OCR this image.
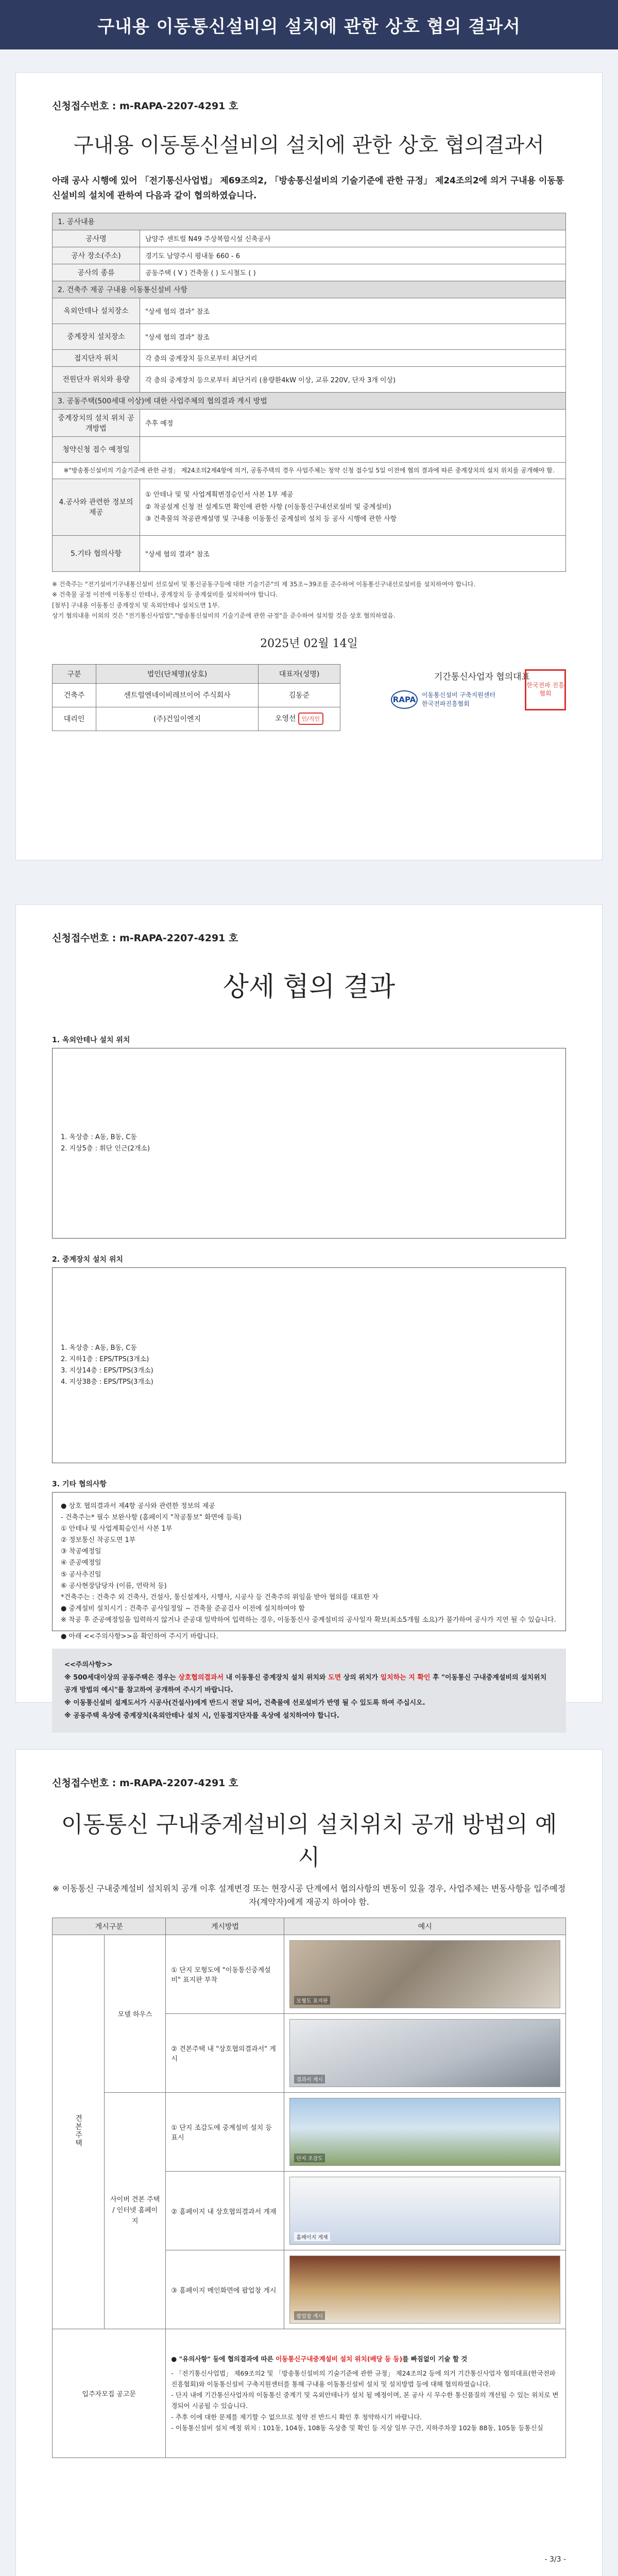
구내용 이동통신설비의 설치에 관한 상호 협의 결과서
신청접수번호 : m-RAPA-2207-4291 호
구내용 이동통신설비의 설치에 관한 상호 협의결과서
아래 공사 시행에 있어 「전기통신사업법」 제69조의2, 「방송통신설비의 기술기준에 관한 규정」 제24조의2에 의거 구내용 이동통신설비의 설치에 관하여 다음과 같이 협의하였습니다.
1. 공사내용	
공사명	남양주 센트럴 N49 주상복합시설 신축공사
공사 장소(주소)	경기도 남양주시 평내동 660 - 6
공사의 종류	공동주택 ( V ) 건축물 ( ) 도시철도 ( )
2. 건축주 제공 구내용 이동통신설비 사항	
옥외안테나 설치장소	"상세 협의 결과" 참조
중계장치 설치장소	"상세 협의 결과" 참조
접지단자 위치	각 층의 중계장치 등으로부터 최단거리
전원단자 위치와 용량	각 층의 중계장치 등으로부터 최단거리 (용량환4kW 이상, 교류 220V, 단자 3개 이상)
3. 공동주택(500세대 이상)에 대한 사업주체의 협의결과 게시 방법	
중계장치의 설치 위치 공개방법	추후 예정
청약신청 접수 예정일	
※"방송통신설비의 기술기준에 관한 규정」 제24조의2제4항에 의거, 공동주택의 경우 사업주체는 청약 신청 접수일 5일 이전에 협의 결과에 따른 중계장치의 설치 위치를 공개해야 함.	
4.공사와 관련한 정보의 제공	① 안테나 및 및 사업계획변경승인서 사본 1부 제공
② 착공설계 신청 전 설계도면 확인에 관한 사항 (이동통신구내선로설비 및 중계설비)
③ 건축물의 착공관계설명 및 구내용 이동통신 중계설비 설치 등 공사 시행에 관한 사항

5.기타 협의사항	"상세 협의 결과" 참조
※ 건축주는 "전기설비기구내통신설비 선로설비 및 통신공동구등에 대한 기술기준"의 제 35조~39조를 준수하여 이동통신구내선로설비를 설치하여야 합니다.
※ 건축물 공정 이전에 이동통신 안테나, 중계장치 등 중계설비를 설치하여야 합니다.
[첨부] 구내용 이동통신 중계장치 및 옥외안테나 설치도면 1부.
상기 협의내용 이외의 것은 "전기통신사업법","방송통신설비의 기술기준에 관한 규정"을 준수하여 설치할 것을 상호 협의하였음.
2025년 02월 14일
구분	법인(단체명)(상호)	대표자(성명)
건축주	센트럴엔네이비레브이어 주식회사	김동준
대리인	(주)건일이엔지	오영선 인/직인
기간통신사업자 협의대표
RAPA 이동통신설비 구축지원센터
한국전파진흥협회
한국전파 진흥협회
신청접수번호 : m-RAPA-2207-4291 호
상세 협의 결과
1. 옥외안테나 설치 위치
1. 옥상층 : A동, B동, C동
2. 지상5층 : 휘단 인근(2개소)
2. 중계장치 설치 위치
1. 옥상층 : A동, B동, C동
2. 지하1층 : EPS/TPS(3개소)
3. 지상14층 : EPS/TPS(3개소)
4. 지상38층 : EPS/TPS(3개소)
3. 기타 협의사항
● 상호 협의결과서 제4항 공사와 관련한 정보의 제공
- 건축주는* 필수 보완사항 (홈페이지 "착공통보" 화면에 등록)
① 안테나 및 사업계획승인서 사본 1부
② 정보통신 착공도면 1부
③ 착공예정일
④ 준공예정일
⑤ 공사추진일
⑥ 공사현장담당자 (이름, 연락처 등)
*건축주는 : 건축주 외 건축사, 건설사, 통신설계사, 시행사, 시공사 등 건축주의 위임을 받아 협의를 대표한 자
● 중계설비 설치시기 : 건축주 공사일정일 ~ 건축물 준공검사 이전에 설치하여야 함
※ 착공 후 준공예정일을 입력하지 않거나 준공대 일박하여 입력하는 경우, 이동통신사 중계설비의 공사일자 확보(최소5개월 소요)가 불가하여 공사가 지연 될 수 있습니다.
● 아래 <<주의사항>>을 확인하여 주시기 바랍니다.
<<주의사항>>
※ 500세대이상의 공동주택은 경우는 상호협의결과서 내 이동통신 중계장치 설치 위치와 도면 상의 위치가 일치하는 지 확인 후 "이동통신 구내중계설비의 설치위치 공개 방법의 예시"를 참고하여 공개하여 주시기 바랍니다.
※ 이동통신설비 설계도서가 시공사(건설사)에게 반드시 전달 되어, 건축물에 선로설비가 반영 될 수 있도록 하여 주십시오.
※ 공동주택 옥상에 중계장치(옥외안테나 설치 시, 인동접지단자를 옥상에 설치하여야 합니다.
신청접수번호 : m-RAPA-2207-4291 호
이동통신 구내중계설비의 설치위치 공개 방법의 예시
※ 이동통신 구내중계설비 설치위치 공개 이후 설계변경 또는 현장시공 단계에서 협의사항의 변동이 있을 경우, 사업주체는 변동사항을 입주예정자(계약자)에게 재공지 하여야 함.
게시구분		게시방법	예시
견본주택	모델 하우스	① 단지 모형도에 "이동통신중계설비" 표지판 부착	모형도 표지판

		② 견본주택 내 "상호협의결과서" 게시	결과서 게시

	사이버 견본 주택 / 인터넷 홈페이지	① 단지 조감도에 중계설비 설치 등 표시	단지 조감도

		② 홈페이지 내 상호협의결과서 게재	홈페이지 게재

		③ 홈페이지 메인화면에 팝업창 게시	팝업창 게시

입주자모집 공고문		● "유의사항" 등에 협의결과에 따른 이동통신구내중계설비 설치 위치(배당 등 등)를 빠짐없이 기술 할 것
- 「전기통신사업법」 제69조의2 및 「방송통신설비의 기술기준에 관한 규정」 제24조의2 등에 의거 기간통신사업자 협의대표(한국전파진흥협회)와 이동통신설비 구축지원센터를 통해 구내용 이동통신설비 설치 및 설치방법 등에 대해 협의하였습니다.
- 단지 내에 기간통신사업자의 이동통신 중계기 및 옥외안테나가 설치 될 예정이며, 본 공사 시 무수한 통신품질의 개선될 수 있는 위치로 변경되어 시공될 수 있습니다.
- 추후 이에 대한 문제를 제기할 수 없으므로 청약 전 반드시 확인 후 청약하시기 바랍니다.
- 이동통신설비 설치 예정 위치 : 101동, 104동, 108동 옥상층 및 확인 등 지상 일부 구간, 지하주차장 102동 88동, 105동 등통신실	
- 3/3 -
